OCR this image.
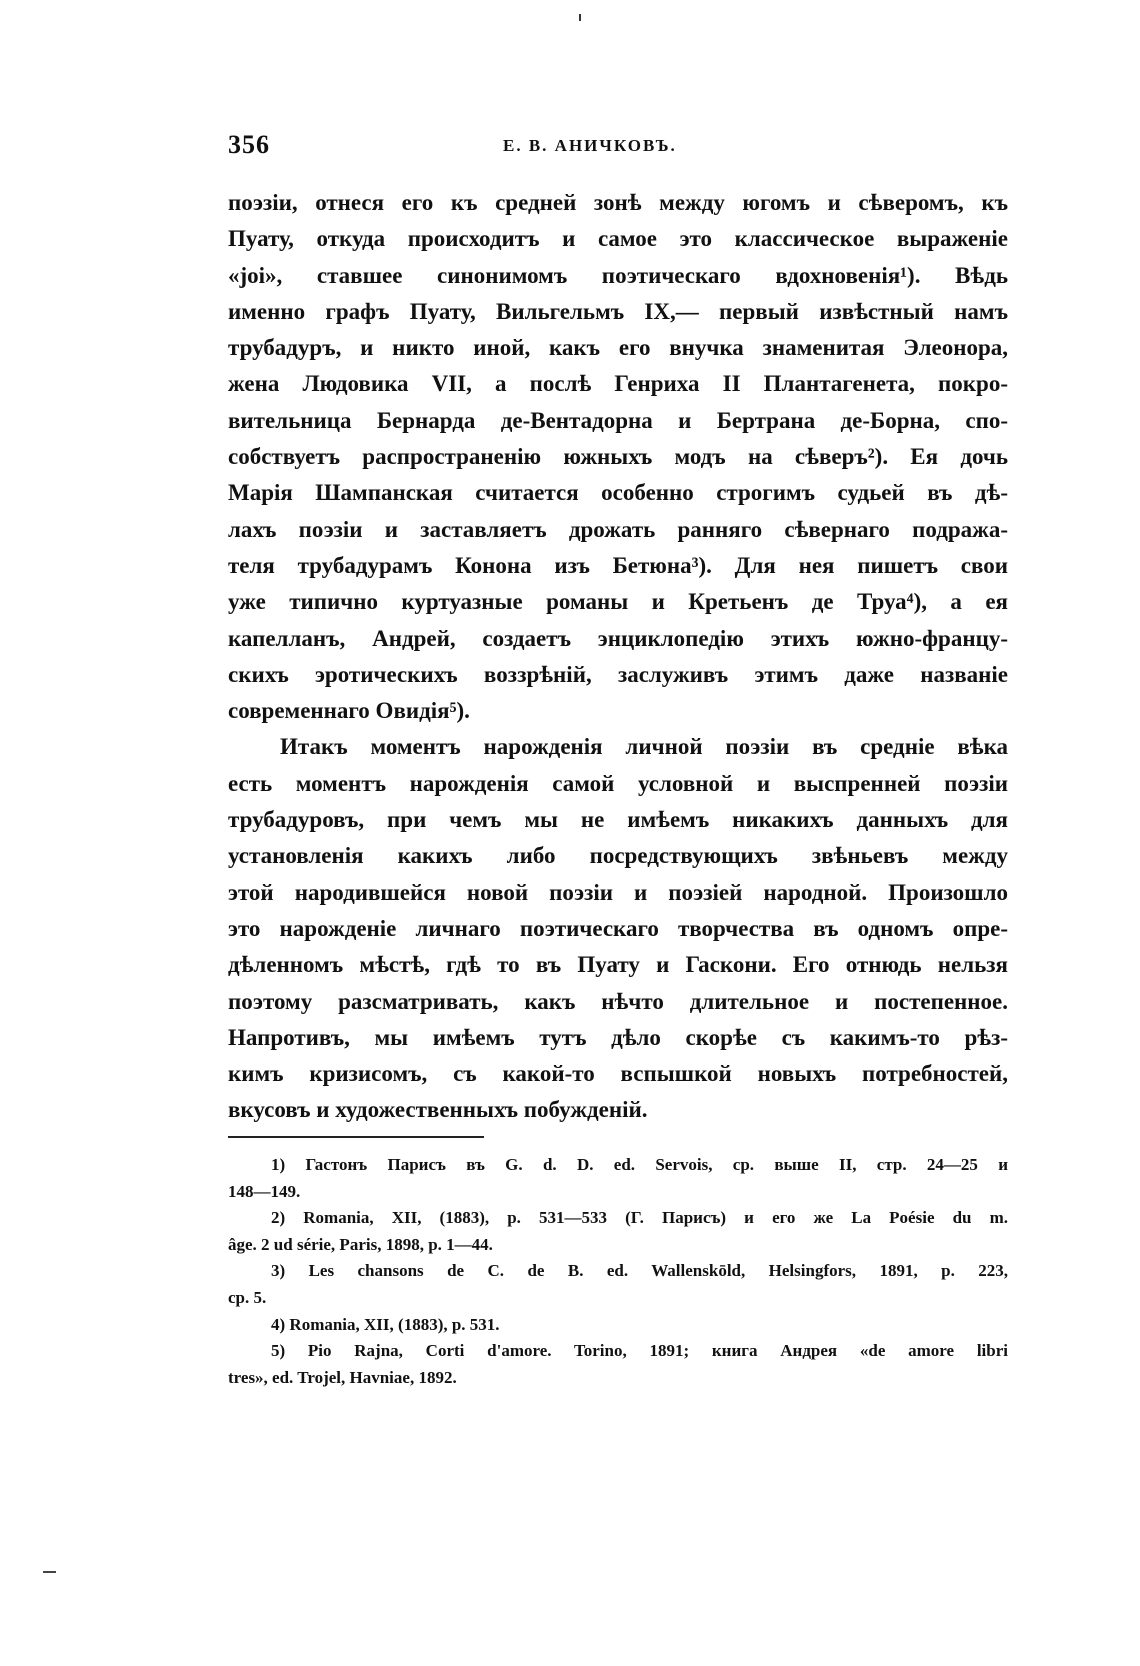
356	Е. В. АНИЧКОВЪ.
поэзіи, отнеся его къ средней зонѣ между югомъ и сѣверомъ, къ
Пуату, откуда происходитъ и самое это классическое выраженіе
«joi», ставшее синонимомъ поэтическаго вдохновенія¹). Вѣдь
именно графъ Пуату, Вильгельмъ IX,— первый извѣстный намъ
трубадуръ, и никто иной, какъ его внучка знаменитая Элеонора,
жена Людовика VII, а послѣ Генриха II Плантагенета, покро-
вительница Бернарда де-Вентадорна и Бертрана де-Борна, спо-
собствуетъ распространенію южныхъ модъ на сѣверъ²). Ея дочь
Марія Шампанская считается особенно строгимъ судьей въ дѣ-
лахъ поэзіи и заставляетъ дрожать ранняго сѣвернаго подража-
теля трубадурамъ Конона изъ Бетюна³). Для нея пишетъ свои
уже типично куртуазные романы и Кретьенъ де Труа⁴), а ея
капелланъ, Андрей, создаетъ энциклопедію этихъ южно-францу-
скихъ эротическихъ воззрѣній, заслуживъ этимъ даже названіе
современнаго Овидія⁵).
Итакъ моментъ нарожденія личной поэзіи въ средніе вѣка
есть моментъ нарожденія самой условной и выспренней поэзіи
трубадуровъ, при чемъ мы не имѣемъ никакихъ данныхъ для
установленія какихъ либо посредствующихъ звѣньевъ между
этой народившейся новой поэзіи и поэзіей народной. Произошло
это нарожденіе личнаго поэтическаго творчества въ одномъ опре-
дѣленномъ мѣстѣ, гдѣ то въ Пуату и Гаскони. Его отнюдь нельзя
поэтому разсматривать, какъ нѣчто длительное и постепенное.
Напротивъ, мы имѣемъ тутъ дѣло скорѣе съ какимъ-то рѣз-
кимъ кризисомъ, съ какой-то вспышкой новыхъ потребностей,
вкусовъ и художественныхъ побужденій.
1) Гастонъ Парисъ въ G. d. D. ed. Servois, ср. выше II, стр. 24—25 и
148—149.
2) Romania, XII, (1883), p. 531—533 (Г. Парисъ) и его же La Poésie du m.
âge. 2 ud série, Paris, 1898, p. 1—44.
3) Les chansons de C. de B. ed. Wallenskōld, Helsingfors, 1891, p. 223,
ср. 5.
4) Romania, XII, (1883), p. 531.
5) Pio Rajna, Corti d'amore. Torino, 1891; книга Андрея «de amore libri
tres», ed. Trojel, Havniae, 1892.
